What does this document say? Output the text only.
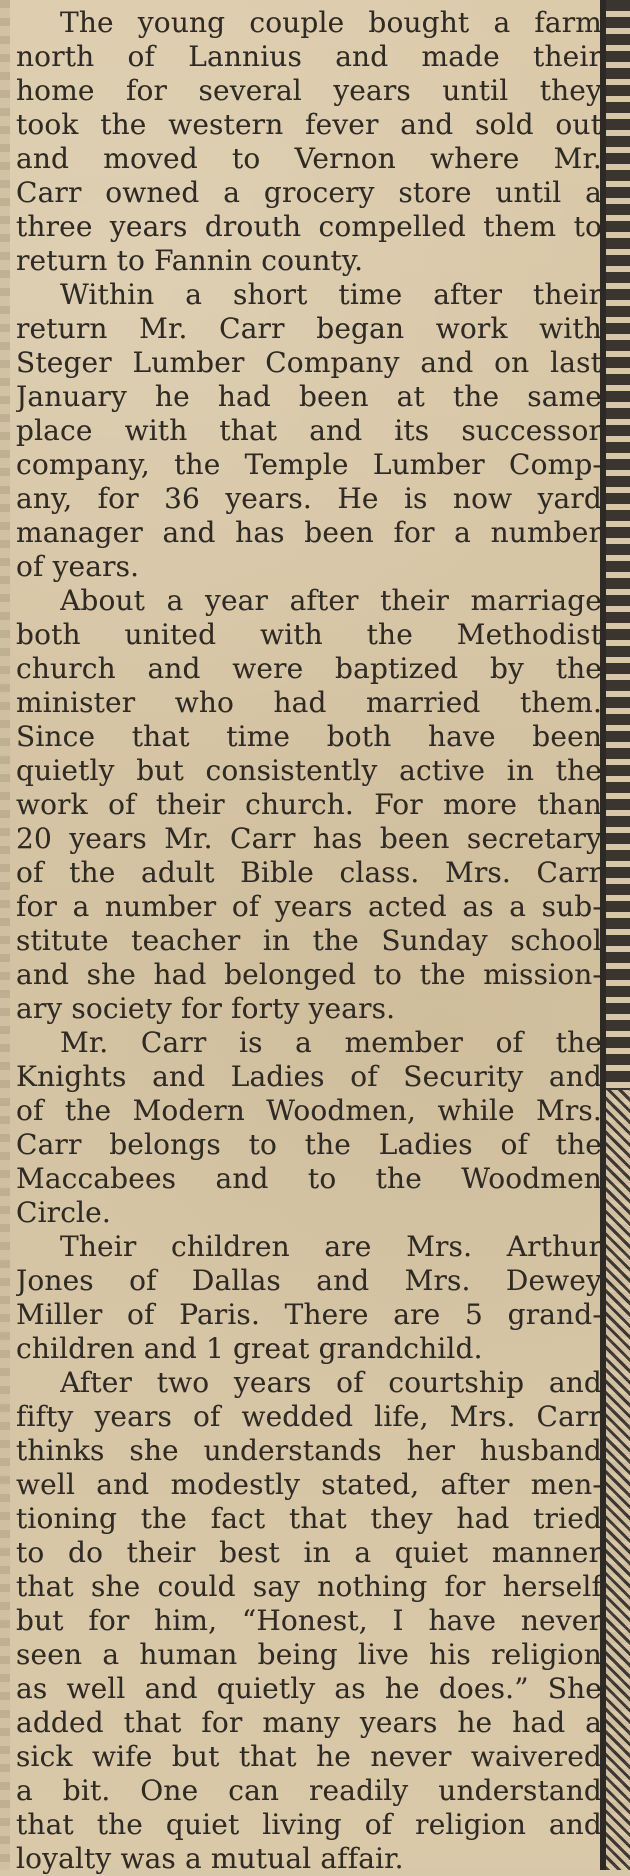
The young couple bought a farm
north of Lannius and made their
home for several years until they
took the western fever and sold out
and moved to Vernon where Mr.
Carr owned a grocery store until a
three years drouth compelled them to
return to Fannin county.
Within a short time after their
return Mr. Carr began work with
Steger Lumber Company and on last
January he had been at the same
place with that and its successor
company, the Temple Lumber Comp-
any, for 36 years. He is now yard
manager and has been for a number
of years.
About a year after their marriage
both united with the Methodist
church and were baptized by the
minister who had married them.
Since that time both have been
quietly but consistently active in the
work of their church. For more than
20 years Mr. Carr has been secretary
of the adult Bible class. Mrs. Carr
for a number of years acted as a sub-
stitute teacher in the Sunday school
and she had belonged to the mission-
ary society for forty years.
Mr. Carr is a member of the
Knights and Ladies of Security and
of the Modern Woodmen, while Mrs.
Carr belongs to the Ladies of the
Maccabees and to the Woodmen
Circle.
Their children are Mrs. Arthur
Jones of Dallas and Mrs. Dewey
Miller of Paris. There are 5 grand-
children and 1 great grandchild.
After two years of courtship and
fifty years of wedded life, Mrs. Carr
thinks she understands her husband
well and modestly stated, after men-
tioning the fact that they had tried
to do their best in a quiet manner
that she could say nothing for herself
but for him, “Honest, I have never
seen a human being live his religion
as well and quietly as he does.” She
added that for many years he had a
sick wife but that he never waivered
a bit. One can readily understand
that the quiet living of religion and
loyalty was a mutual affair.
